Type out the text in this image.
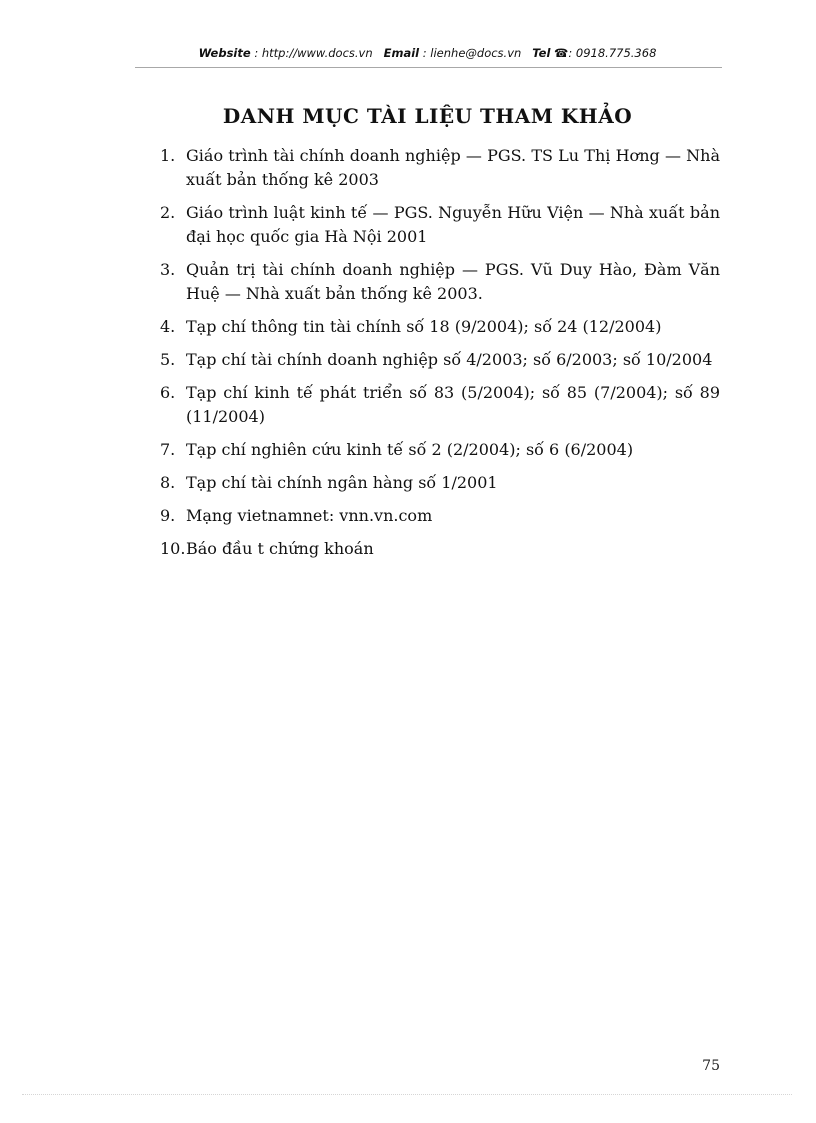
Website : http://www.docs.vn Email : lienhe@docs.vn Tel ☎: 0918.775.368
DANH MỤC TÀI LIỆU THAM KHẢO
1. Giáo trình tài chính doanh nghiệp — PGS. TS Lu Thị Hơng — Nhà xuất bản thống kê 2003
2. Giáo trình luật kinh tế — PGS. Nguyễn Hữu Viện — Nhà xuất bản đại học quốc gia Hà Nội 2001
3. Quản trị tài chính doanh nghiệp — PGS. Vũ Duy Hào, Đàm Văn Huệ — Nhà xuất bản thống kê 2003.
4. Tạp chí thông tin tài chính số 18 (9/2004); số 24 (12/2004)
5. Tạp chí tài chính doanh nghiệp số 4/2003; số 6/2003; số 10/2004
6. Tạp chí kinh tế phát triển số 83 (5/2004); số 85 (7/2004); số 89 (11/2004)
7. Tạp chí nghiên cứu kinh tế số 2 (2/2004); số 6 (6/2004)
8. Tạp chí tài chính ngân hàng số 1/2001
9. Mạng vietnamnet: vnn.vn.com
10. Báo đầu t chứng khoán
75
